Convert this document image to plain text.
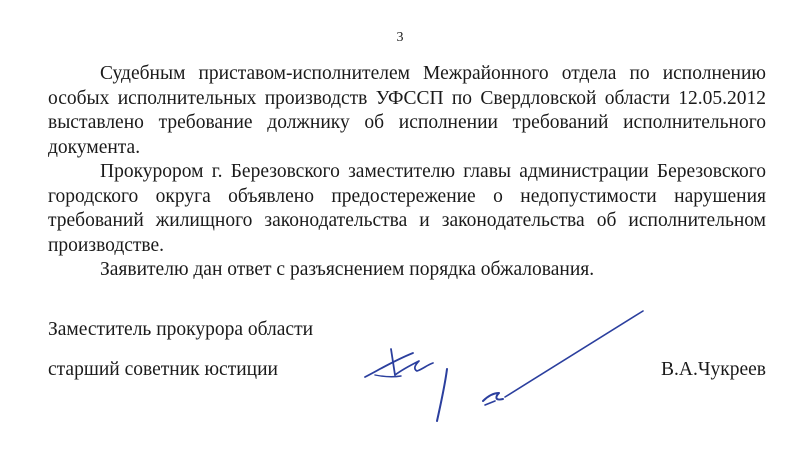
3

Судебным приставом-исполнителем Межрайонного отдела по исполнению особых исполнительных производств УФССП по Свердловской области 12.05.2012 выставлено требование должнику об исполнении требований исполнительного документа.

Прокурором г. Березовского заместителю главы администрации Березовского городского округа объявлено предостережение о недопустимости нарушения требований жилищного законодательства и законодательства об исполнительном производстве.

Заявителю дан ответ с разъяснением порядка обжалования.

Заместитель прокурора области
старший советник юстиции	В.А.Чукреев
